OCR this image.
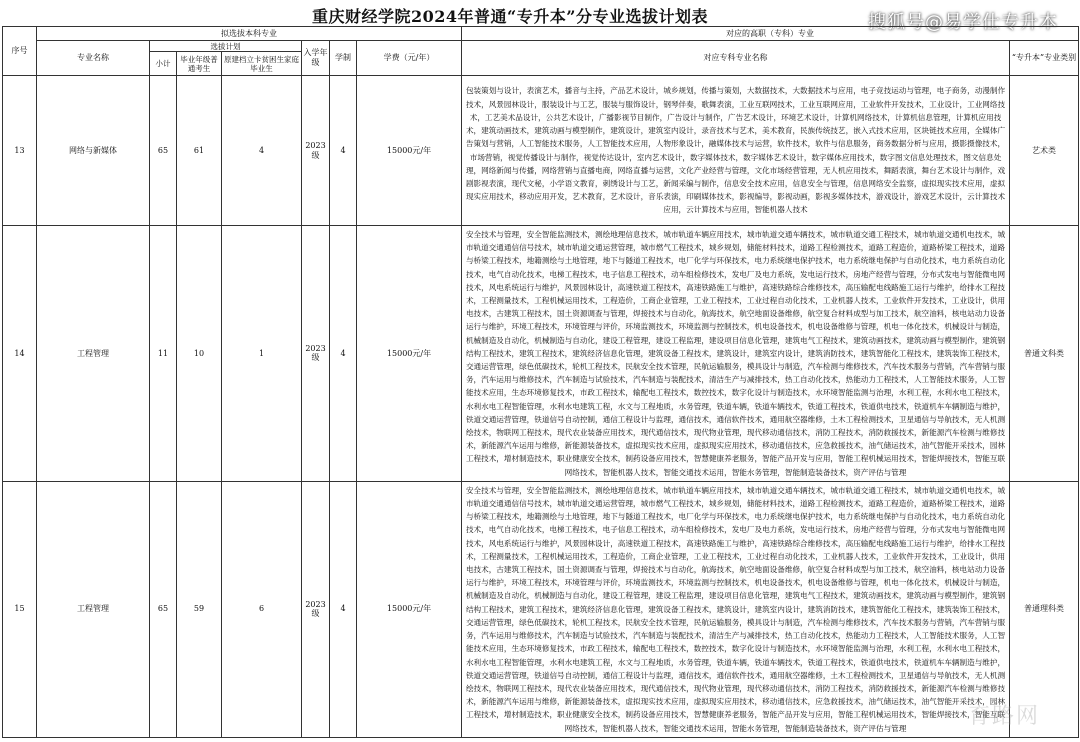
重庆财经学院2024年普通“专升本”分专业选拔计划表	搜狐号@易学仕专升本
序号	拟选拔本科专业							对应的高职（专科）专业	
	专业名称	选拔计划			入学年级	学制	学费（元/年）	对应专科专业名称	“专升本”专业类别
		小计	毕业年级普通考生	原建档立卡贫困生家庭毕业生					
13	网络与新媒体	65	61	4	2023级	4	15000元/年	包装策划与设计，表演艺术，播音与主持，产品艺术设计，城乡规划，传播与策划，大数据技术，大数据技术与应用，电子竞技运动与管理，电子商务，动漫制作技术，风景园林设计，服装设计与工艺，服装与服饰设计，钢琴伴奏，歌舞表演，工业互联网技术，工业互联网应用，工业软件开发技术，工业设计，工业网络技术，工艺美术品设计，公共艺术设计，广播影视节目制作，广告设计与制作，广告艺术设计，环境艺术设计，计算机网络技术，计算机信息管理，计算机应用技术，建筑动画技术，建筑动画与模型制作，建筑设计，建筑室内设计，录音技术与艺术，美术教育，民族传统技艺，嵌入式技术应用，区块链技术应用，全媒体广告策划与营销，人工智能技术服务，人工智能技术应用，人物形象设计，融媒体技术与运营，软件技术，软件与信息服务，商务数据分析与应用，摄影摄像技术，市场营销，视觉传播设计与制作，视觉传达设计，室内艺术设计，数字媒体技术，数字媒体艺术设计，数字媒体应用技术，数字图文信息处理技术，图文信息处理，网络新闻与传播，网络营销与直播电商，网络直播与运营，文化产业经营与管理，文化市场经营管理，无人机应用技术，舞蹈表演，舞台艺术设计与制作，戏剧影视表演，现代文秘，小学语文教育，刺绣设计与工艺，新闻采编与制作，信息安全技术应用，信息安全与管理，信息网络安全监察，虚拟现实技术应用，虚拟现实应用技术，移动应用开发，艺术教育，艺术设计，音乐表演，印刷媒体技术，影视编导，影视动画，影视多媒体技术，游戏设计，游戏艺术设计，云计算技术应用，云计算技术与应用，智能机器人技术	艺术类
14	工程管理	11	10	1	2023级	4	15000元/年	安全技术与管理，安全智能监测技术，测绘地理信息技术，城市轨道车辆应用技术，城市轨道交通车辆技术，城市轨道交通工程技术，城市轨道交通机电技术，城市轨道交通通信信号技术，城市轨道交通运营管理，城市燃气工程技术，城乡规划，储能材料技术，道路工程检测技术，道路工程造价，道路桥梁工程技术，道路与桥梁工程技术，地籍测绘与土地管理，地下与隧道工程技术，电厂化学与环保技术，电力系统继电保护技术，电力系统继电保护与自动化技术，电力系统自动化技术，电气自动化技术，电梯工程技术，电子信息工程技术，动车组检修技术，发电厂及电力系统，发电运行技术，房地产经营与管理，分布式发电与智能微电网技术，风电系统运行与维护，风景园林设计，高速铁道工程技术，高速铁路施工与维护，高速铁路综合维修技术，高压输配电线路施工运行与维护，给排水工程技术，工程测量技术，工程机械运用技术，工程造价，工商企业管理，工业工程技术，工业过程自动化技术，工业机器人技术，工业软件开发技术，工业设计，供用电技术，古建筑工程技术，国土资源调查与管理，焊接技术与自动化，航海技术，航空地面设备维修，航空复合材料成型与加工技术，航空油料，核电站动力设备运行与维护，环境工程技术，环境管理与评价，环境监测技术，环境监测与控制技术，机电设备技术，机电设备维修与管理，机电一体化技术，机械设计与制造，机械制造及自动化，机械制造与自动化，建设工程管理，建设工程监理，建设项目信息化管理，建筑电气工程技术，建筑动画技术，建筑动画与模型制作，建筑钢结构工程技术，建筑工程技术，建筑经济信息化管理，建筑设备工程技术，建筑设计，建筑室内设计，建筑消防技术，建筑智能化工程技术，建筑装饰工程技术，交通运营管理，绿色低碳技术，轮机工程技术，民航安全技术管理，民航运输服务，模具设计与制造，汽车检测与维修技术，汽车技术服务与营销，汽车营销与服务，汽车运用与维修技术，汽车制造与试验技术，汽车制造与装配技术，清洁生产与减排技术，热工自动化技术，热能动力工程技术，人工智能技术服务，人工智能技术应用，生态环境修复技术，市政工程技术，输配电工程技术，数控技术，数字化设计与制造技术，水环境智能监测与治理，水利工程，水利水电工程技术，水利水电工程智能管理，水利水电建筑工程，水文与工程地质，水务管理，铁道车辆，铁道车辆技术，铁道工程技术，铁道供电技术，铁道机车车辆制造与维护，铁道交通运营管理，铁道信号自动控制，通信工程设计与监理，通信技术，通信软件技术，通用航空器维修，土木工程检测技术，卫星通信与导航技术，无人机测绘技术，物联网工程技术，现代农业装备应用技术，现代通信技术，现代物业管理，现代移动通信技术，消防工程技术，消防救援技术，新能源汽车检测与维修技术，新能源汽车运用与维修，新能源装备技术，虚拟现实技术应用，虚拟现实应用技术，移动通信技术，应急救援技术，油气储运技术，油气智能开采技术，园林工程技术，增材制造技术，职业健康安全技术，制药设备应用技术，智慧健康养老服务，智能产品开发与应用，智能工程机械运用技术，智能焊接技术，智能互联网络技术，智能机器人技术，智能交通技术运用，智能水务管理，智能制造装备技术，资产评估与管理	普通文科类
15	工程管理	65	59	6	2023级	4	15000元/年	安全技术与管理，安全智能监测技术，测绘地理信息技术，城市轨道车辆应用技术，城市轨道交通车辆技术，城市轨道交通工程技术，城市轨道交通机电技术，城市轨道交通通信信号技术，城市轨道交通运营管理，城市燃气工程技术，城乡规划，储能材料技术，道路工程检测技术，道路工程造价，道路桥梁工程技术，道路与桥梁工程技术，地籍测绘与土地管理，地下与隧道工程技术，电厂化学与环保技术，电力系统继电保护技术，电力系统继电保护与自动化技术，电力系统自动化技术，电气自动化技术，电梯工程技术，电子信息工程技术，动车组检修技术，发电厂及电力系统，发电运行技术，房地产经营与管理，分布式发电与智能微电网技术，风电系统运行与维护，风景园林设计，高速铁道工程技术，高速铁路施工与维护，高速铁路综合维修技术，高压输配电线路施工运行与维护，给排水工程技术，工程测量技术，工程机械运用技术，工程造价，工商企业管理，工业工程技术，工业过程自动化技术，工业机器人技术，工业软件开发技术，工业设计，供用电技术，古建筑工程技术，国土资源调查与管理，焊接技术与自动化，航海技术，航空地面设备维修，航空复合材料成型与加工技术，航空油料，核电站动力设备运行与维护，环境工程技术，环境管理与评价，环境监测技术，环境监测与控制技术，机电设备技术，机电设备维修与管理，机电一体化技术，机械设计与制造，机械制造及自动化，机械制造与自动化，建设工程管理，建设工程监理，建设项目信息化管理，建筑电气工程技术，建筑动画技术，建筑动画与模型制作，建筑钢结构工程技术，建筑工程技术，建筑经济信息化管理，建筑设备工程技术，建筑设计，建筑室内设计，建筑消防技术，建筑智能化工程技术，建筑装饰工程技术，交通运营管理，绿色低碳技术，轮机工程技术，民航安全技术管理，民航运输服务，模具设计与制造，汽车检测与维修技术，汽车技术服务与营销，汽车营销与服务，汽车运用与维修技术，汽车制造与试验技术，汽车制造与装配技术，清洁生产与减排技术，热工自动化技术，热能动力工程技术，人工智能技术服务，人工智能技术应用，生态环境修复技术，市政工程技术，输配电工程技术，数控技术，数字化设计与制造技术，水环境智能监测与治理，水利工程，水利水电工程技术，水利水电工程智能管理，水利水电建筑工程，水文与工程地质，水务管理，铁道车辆，铁道车辆技术，铁道工程技术，铁道供电技术，铁道机车车辆制造与维护，铁道交通运营管理，铁道信号自动控制，通信工程设计与监理，通信技术，通信软件技术，通用航空器维修，土木工程检测技术，卫星通信与导航技术，无人机测绘技术，物联网工程技术，现代农业装备应用技术，现代通信技术，现代物业管理，现代移动通信技术，消防工程技术，消防救援技术，新能源汽车检测与维修技术，新能源汽车运用与维修，新能源装备技术，虚拟现实技术应用，虚拟现实应用技术，移动通信技术，应急救援技术，油气储运技术，油气智能开采技术，园林工程技术，增材制造技术，职业健康安全技术，制药设备应用技术，智慧健康养老服务，智能产品开发与应用，智能工程机械运用技术，智能焊接技术，智能互联网络技术，智能机器人技术，智能交通技术运用，智能水务管理，智能制造装备技术，资产评估与管理	普通理科类
育路网
